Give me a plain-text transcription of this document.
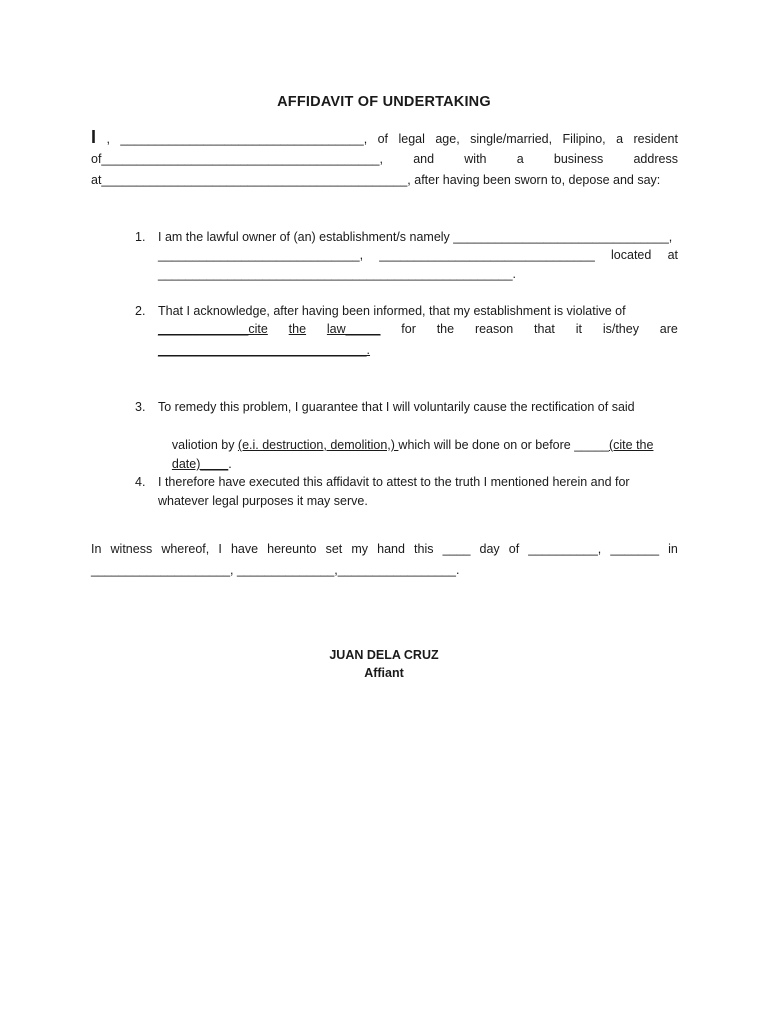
AFFIDAVIT OF UNDERTAKING
I , ___________________________________, of legal age, single/married, Filipino, a resident
of________________________________________, and with a business address
at____________________________________________, after having been sworn to, depose and say:
1. I am the lawful owner of (an) establishment/s namely _______________________________,
_____________________________, _______________________________ located at
___________________________________________________.
2. That I acknowledge, after having been informed, that my establishment is violative of
_____________cite the law_____ for the reason that it is/they are
______________________________.
3. To remedy this problem, I guarantee that I will voluntarily cause the rectification of said

valiotion by (e.i. destruction, demolition,) which will be done on or before _____(cite the

date)____.

4. I therefore have executed this affidavit to attest to the truth I mentioned herein and for
whatever legal purposes it may serve.
In witness whereof, I have hereunto set my hand this ____ day of __________, _______ in
____________________, ______________,_________________.
JUAN DELA CRUZ
Affiant
